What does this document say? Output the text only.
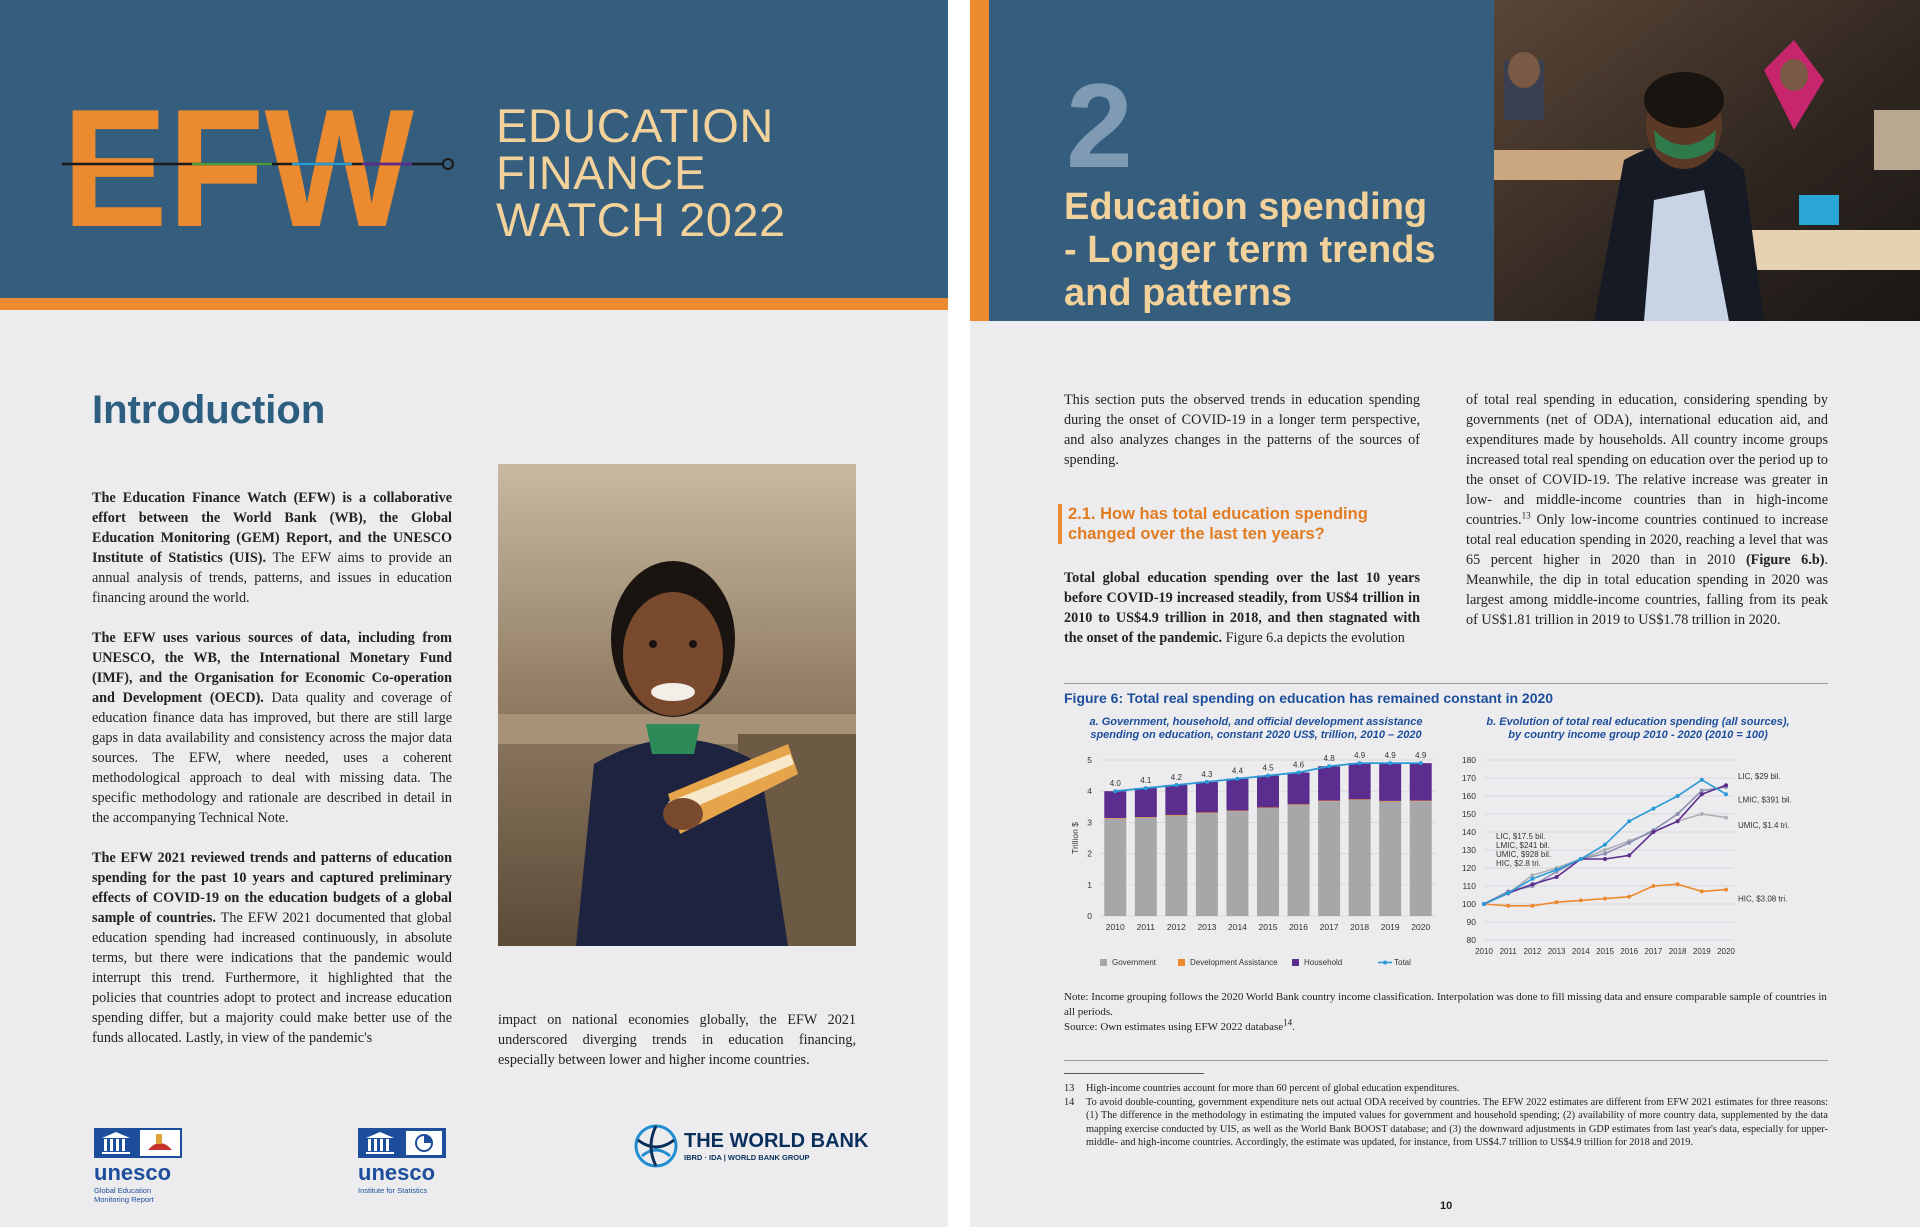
EFW EDUCATION
FINANCE
WATCH 2022
Introduction

The Education Finance Watch (EFW) is a collaborative effort between the World Bank (WB), the Global Education Monitoring (GEM) Report, and the UNESCO Institute of Statistics (UIS). The EFW aims to provide an annual analysis of trends, patterns, and issues in education financing around the world.

The EFW uses various sources of data, including from UNESCO, the WB, the International Monetary Fund (IMF), and the Organisation for Economic Co-operation and Development (OECD). Data quality and coverage of education finance data has improved, but there are still large gaps in data availability and consistency across the major data sources. The EFW, where needed, uses a coherent methodological approach to deal with missing data. The specific methodology and rationale are described in detail in the accompanying Technical Note.

The EFW 2021 reviewed trends and patterns of education spending for the past 10 years and captured preliminary effects of COVID-19 on the education budgets of a global sample of countries. The EFW 2021 documented that global education spending had increased continuously, in absolute terms, but there were indications that the pandemic would interrupt this trend. Furthermore, it highlighted that the policies that countries adopt to protect and increase education spending differ, but a majority could make better use of the funds allocated. Lastly, in view of the pandemic's

impact on national economies globally, the EFW 2021 underscored diverging trends in education financing, especially between lower and higher income countries.
unesco
Global Education
Monitoring Report
unesco
Institute for Statistics
THE WORLD BANK
IBRD · IDA | WORLD BANK GROUP
2
Education spending
- Longer term trends
and patterns

This section puts the observed trends in education spending during the onset of COVID-19 in a longer term perspective, and also analyzes changes in the patterns of the sources of spending.

2.1. How has total education spending changed over the last ten years?

Total global education spending over the last 10 years before COVID-19 increased steadily, from US$4 trillion in 2010 to US$4.9 trillion in 2018, and then stagnated with the onset of the pandemic. Figure 6.a depicts the evolution

of total real spending in education, considering spending by governments (net of ODA), international education aid, and expenditures made by households. All country income groups increased total real spending on education over the period up to the onset of COVID-19. The relative increase was greater in low- and middle-income countries than in high-income countries.$^{13}$ Only low-income countries continued to increase total real education spending in 2020, reaching a level that was 65 percent higher in 2020 than in 2010 (Figure 6.b). Meanwhile, the dip in total education spending in 2020 was largest among middle-income countries, falling from its peak of US$1.81 trillion in 2019 to US$1.78 trillion in 2020.

Figure 6: Total real spending on education has remained constant in 2020
a. Government, household, and official development assistance
spending on education, constant 2020 US$, trillion, 2010 – 2020
b. Evolution of total real education spending (all sources),
by country income group 2010 - 2020 (2010 = 100)
0
1
2
3
4
5
Trillion $
2010
4.0
2011
4.1
2012
4.2
2013
4.3
2014
4.4
2015
4.5
2016
4.6
2017
4.8
2018
4.9
2019
4.9
2020
4.9
Government	Development Assistance	Household	Total
80
90
100
110
120
130
140
150
160
170
180
2010 2011 2012 2013 2014 2015 2016 2017 2018 2019 2020
LIC, $29 bil.
LMIC, $391 bil.
UMIC, $1.4 tri.
HIC, $3.08 tri.
LIC, $17.5 bil.
LMIC, $241 bil.
UMIC, $928 bil.
HIC, $2.8 tri.
Note: Income grouping follows the 2020 World Bank country income classification. Interpolation was done to fill missing data and ensure comparable sample of countries in all periods.
Source: Own estimates using EFW 2022 database$^{14}$.
13	High-income countries account for more than 60 percent of global education expenditures.
14	To avoid double-counting, government expenditure nets out actual ODA received by countries. The EFW 2022 estimates are different from EFW 2021 estimates for three reasons: (1) The difference in the methodology in estimating the imputed values for government and household spending; (2) availability of more country data, supplemented by the data mapping exercise conducted by UIS, as well as the World Bank BOOST database; and (3) the downward adjustments in GDP estimates from last year's data, especially for upper-middle- and high-income countries. Accordingly, the estimate was updated, for instance, from US$4.7 trillion to US$4.9 trillion for 2018 and 2019.
10
